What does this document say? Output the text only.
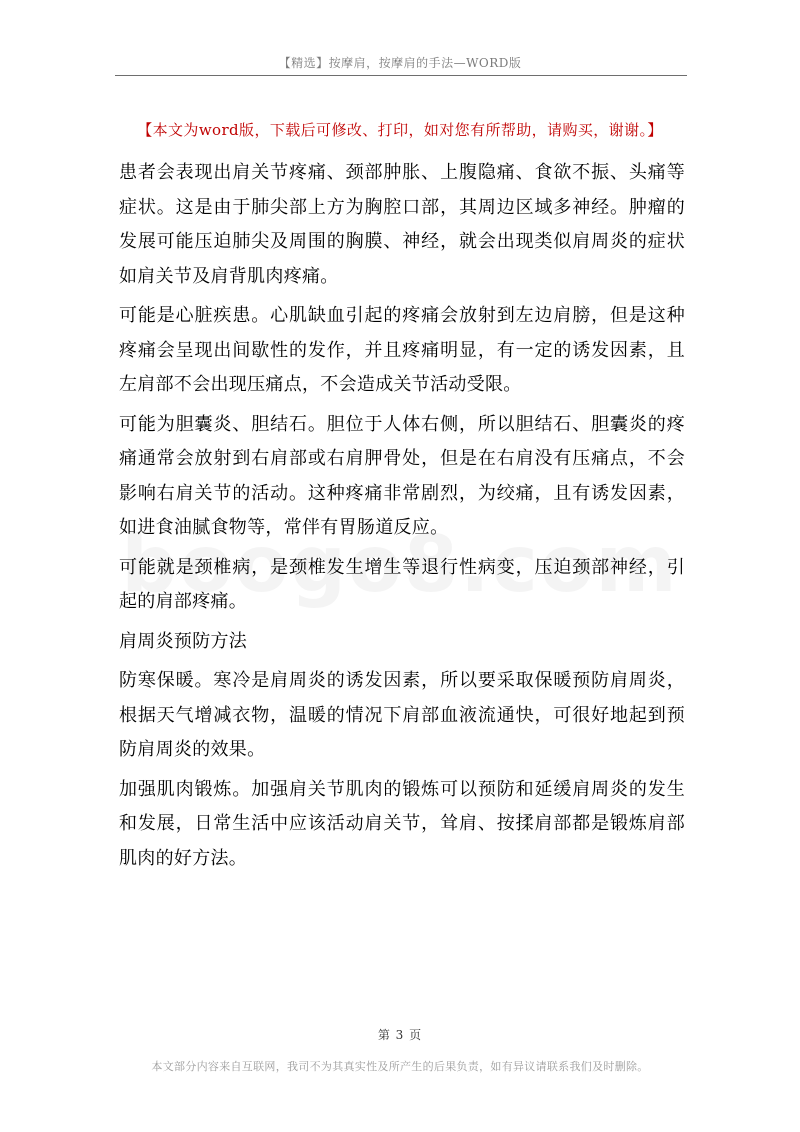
【精选】按摩肩，按摩肩的手法—WORD版
【本文为word版，下载后可修改、打印，如对您有所帮助，请购买，谢谢。】

患者会表现出肩关节疼痛、颈部肿胀、上腹隐痛、食欲不振、头痛等症状。这是由于肺尖部上方为胸腔口部，其周边区域多神经。肿瘤的发展可能压迫肺尖及周围的胸膜、神经，就会出现类似肩周炎的症状如肩关节及肩背肌肉疼痛。

可能是心脏疾患。心肌缺血引起的疼痛会放射到左边肩膀，但是这种疼痛会呈现出间歇性的发作，并且疼痛明显，有一定的诱发因素，且左肩部不会出现压痛点，不会造成关节活动受限。

可能为胆囊炎、胆结石。胆位于人体右侧，所以胆结石、胆囊炎的疼痛通常会放射到右肩部或右肩胛骨处，但是在右肩没有压痛点，不会影响右肩关节的活动。这种疼痛非常剧烈，为绞痛，且有诱发因素，如进食油腻食物等，常伴有胃肠道反应。

可能就是颈椎病，是颈椎发生增生等退行性病变，压迫颈部神经，引起的肩部疼痛。

肩周炎预防方法

防寒保暖。寒冷是肩周炎的诱发因素，所以要采取保暖预防肩周炎，根据天气增减衣物，温暖的情况下肩部血液流通快，可很好地起到预防肩周炎的效果。

加强肌肉锻炼。加强肩关节肌肉的锻炼可以预防和延缓肩周炎的发生和发展，日常生活中应该活动肩关节，耸肩、按揉肩部都是锻炼肩部肌肉的好方法。

第 3 页
本文部分内容来自互联网，我司不为其真实性及所产生的后果负责，如有异议请联系我们及时删除。
